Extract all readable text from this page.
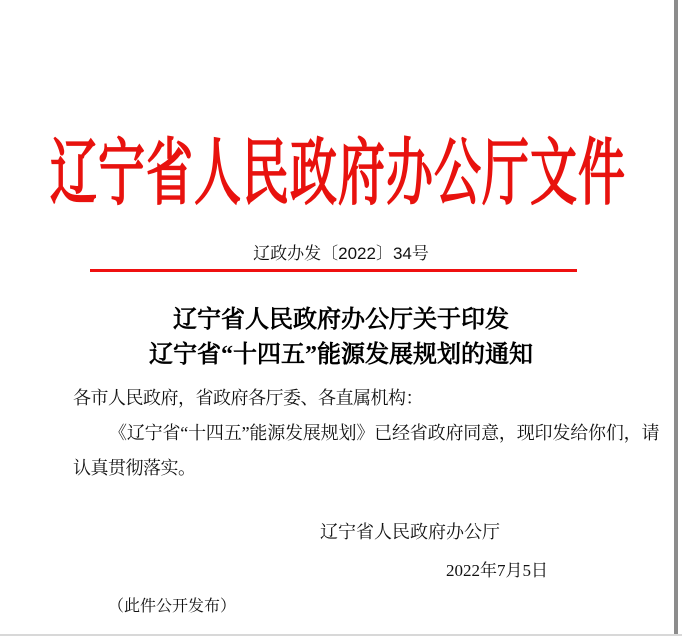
辽宁省人民政府办公厅文件
辽政办发〔2022〕34号
辽宁省人民政府办公厅关于印发
辽宁省“十四五”能源发展规划的通知
各市人民政府，省政府各厅委、各直属机构：

《辽宁省“十四五”能源发展规划》已经省政府同意，现印发给你们，请认真贯彻落实。

辽宁省人民政府办公厅
2022年7月5日
（此件公开发布）
